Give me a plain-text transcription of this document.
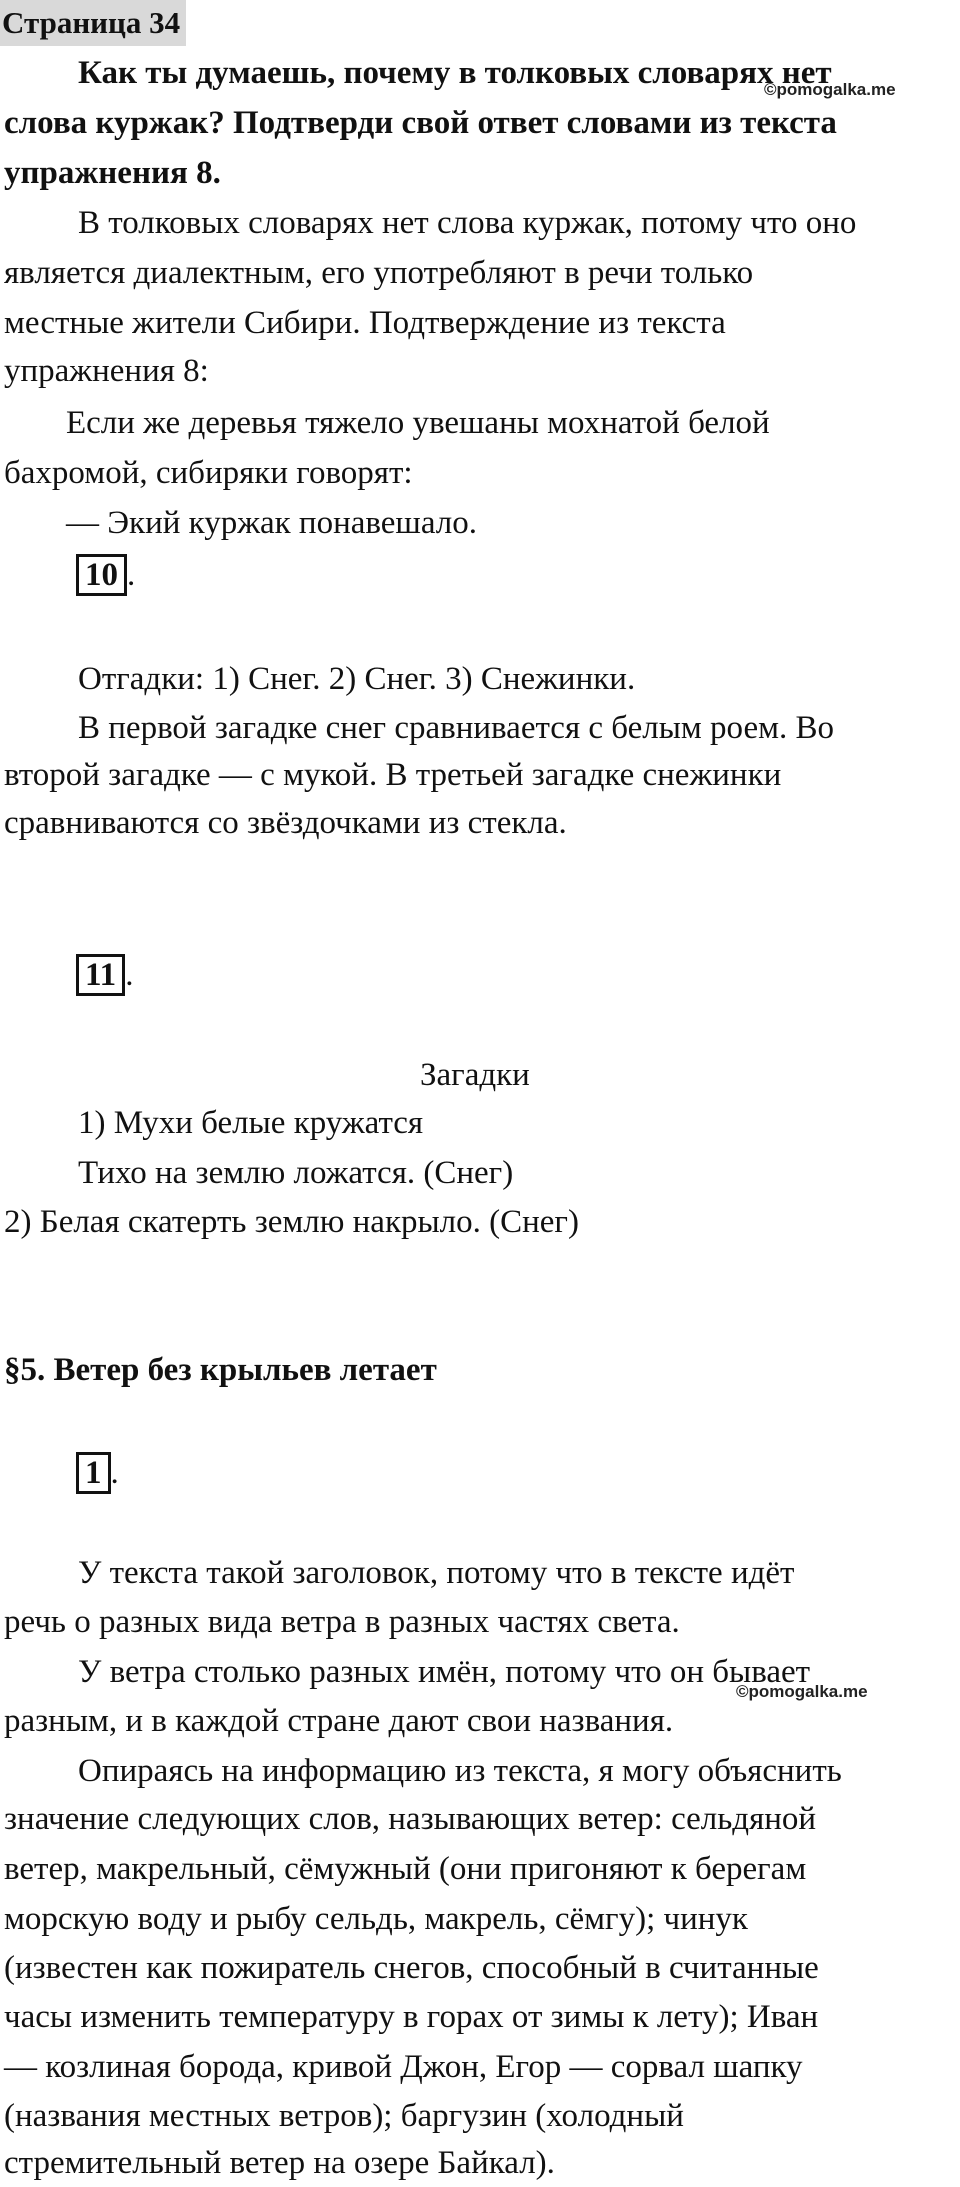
Страница 34
©pomogalka.me
Как ты думаешь, почему в толковых словарях нет
слова куржак? Подтверди свой ответ словами из текста
упражнения 8.
В толковых словарях нет слова куржак, потому что оно
является диалектным, его употребляют в речи только
местные жители Сибири. Подтверждение из текста
упражнения 8:
Если же деревья тяжело увешаны мохнатой белой
бахромой, сибиряки говорят:
— Экий куржак понавешало.
10 .
Отгадки: 1) Снег. 2) Снег. 3) Снежинки.
В первой загадке снег сравнивается с белым роем. Во
второй загадке — с мукой. В третьей загадке снежинки
сравниваются со звёздочками из стекла.
11 .
Загадки
1) Мухи белые кружатся
Тихо на землю ложатся. (Снег)
2) Белая скатерть землю накрыло. (Снег)
§5. Ветер без крыльев летает
1 .
У текста такой заголовок, потому что в тексте идёт
речь о разных вида ветра в разных частях света.
У ветра столько разных имён, потому что он бывает
разным, и в каждой стране дают свои названия.
©pomogalka.me
Опираясь на информацию из текста, я могу объяснить
значение следующих слов, называющих ветер: сельдяной
ветер, макрельный, сёмужный (они пригоняют к берегам
морскую воду и рыбу сельдь, макрель, сёмгу); чинук
(известен как пожиратель снегов, способный в считанные
часы изменить температуру в горах от зимы к лету); Иван
— козлиная борода, кривой Джон, Егор — сорвал шапку
(названия местных ветров); баргузин (холодный
стремительный ветер на озере Байкал).
